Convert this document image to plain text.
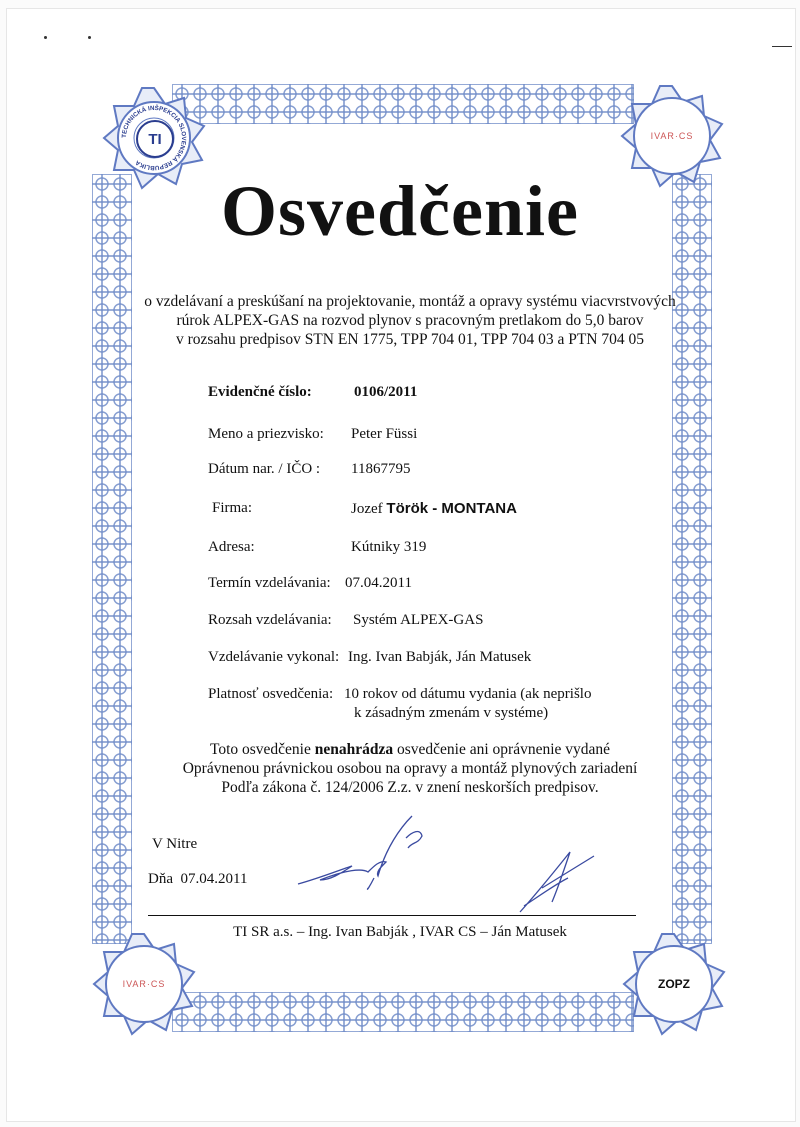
TECHNICKÁ INŠPEKCIA SLOVENSKÁ REPUBLIKA
TI	IVAR·CS
IVAR·CS	ZOPZ
Osvedčenie
o vzdelávaní a preskúšaní na projektovanie, montáž a opravy systému viacvrstvových
rúrok ALPEX-GAS na rozvod plynov s pracovným pretlakom do 5,0 barov
v rozsahu predpisov STN EN 1775, TPP 704 01, TPP 704 03 a PTN 704 05
Evidenčné číslo:	0106/2011
Meno a priezvisko: Peter Füssi
Dátum nar. / IČO : 11867795
Firma:	Jozef Török - MONTANA
Adresa:	Kútniky 319
Termín vzdelávania: 07.04.2011
Rozsah vzdelávania: Systém ALPEX-GAS
Vzdelávanie vykonal: Ing. Ivan Babják, Ján Matusek
Platnosť osvedčenia: 10 rokov od dátumu vydania (ak neprišlo
k zásadným zmenám v systéme)
Toto osvedčenie nenahrádza osvedčenie ani oprávnenie vydané
Oprávnenou právnickou osobou na opravy a montáž plynových zariadení
Podľa zákona č. 124/2006 Z.z. v znení neskorších predpisov.
V Nitre
Dňa 07.04.2011
TI SR a.s. – Ing. Ivan Babják , IVAR CS – Ján Matusek
